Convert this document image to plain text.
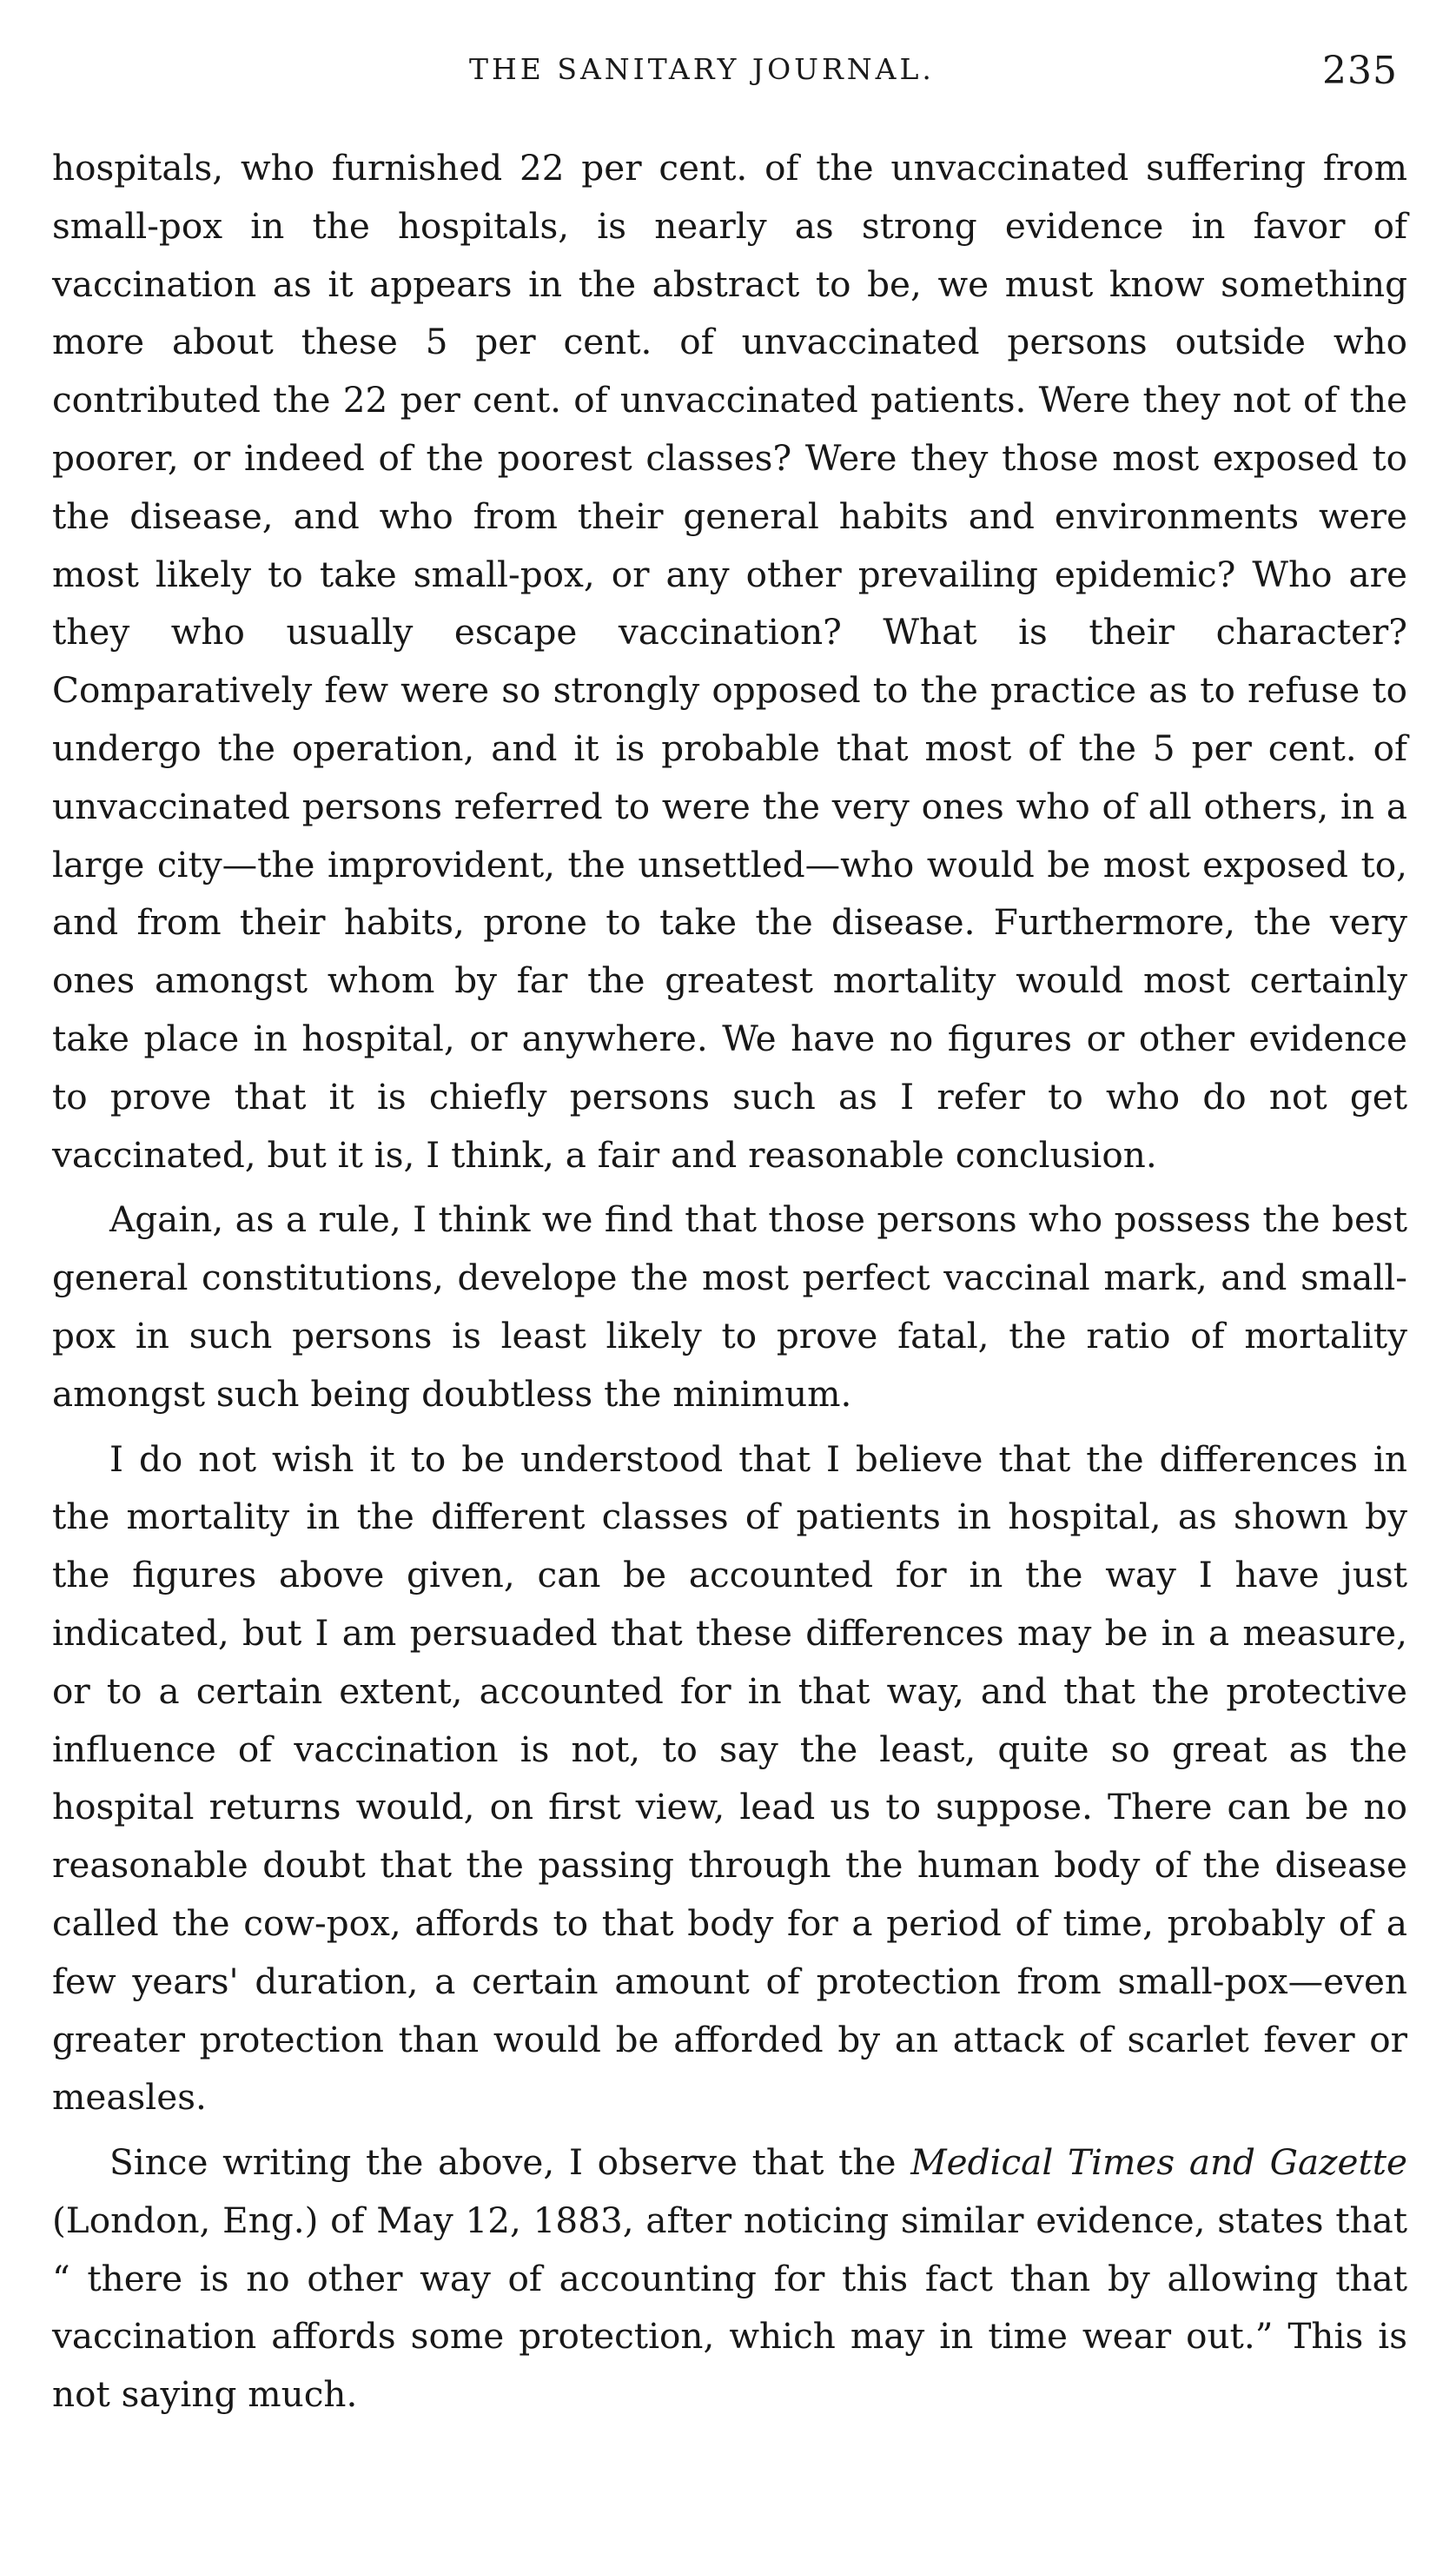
THE SANITARY JOURNAL.	235

hospitals, who furnished 22 per cent. of the unvaccinated suffering from small-pox in the hospitals, is nearly as strong evidence in favor of vaccination as it appears in the abstract to be, we must know something more about these 5 per cent. of unvaccinated persons outside who contributed the 22 per cent. of unvaccinated patients. Were they not of the poorer, or indeed of the poorest classes? Were they those most exposed to the disease, and who from their general habits and environments were most likely to take small-pox, or any other prevailing epidemic? Who are they who usually escape vaccination? What is their character? Comparatively few were so strongly opposed to the practice as to refuse to undergo the operation, and it is probable that most of the 5 per cent. of unvaccinated persons referred to were the very ones who of all others, in a large city—the improvident, the unsettled—who would be most exposed to, and from their habits, prone to take the disease. Furthermore, the very ones amongst whom by far the greatest mortality would most certainly take place in hospital, or anywhere. We have no figures or other evidence to prove that it is chiefly persons such as I refer to who do not get vaccinated, but it is, I think, a fair and reasonable conclusion.

Again, as a rule, I think we find that those persons who possess the best general constitutions, develope the most perfect vaccinal mark, and small-pox in such persons is least likely to prove fatal, the ratio of mortality amongst such being doubtless the minimum.

I do not wish it to be understood that I believe that the differences in the mortality in the different classes of patients in hospital, as shown by the figures above given, can be accounted for in the way I have just indicated, but I am persuaded that these differences may be in a measure, or to a certain extent, accounted for in that way, and that the protective influence of vaccination is not, to say the least, quite so great as the hospital returns would, on first view, lead us to suppose. There can be no reasonable doubt that the passing through the human body of the disease called the cow-pox, affords to that body for a period of time, probably of a few years' duration, a certain amount of protection from small-pox—even greater protection than would be afforded by an attack of scarlet fever or measles.

Since writing the above, I observe that the Medical Times and Gazette (London, Eng.) of May 12, 1883, after noticing similar evidence, states that “ there is no other way of accounting for this fact than by allowing that vaccination affords some protection, which may in time wear out.” This is not saying much.
